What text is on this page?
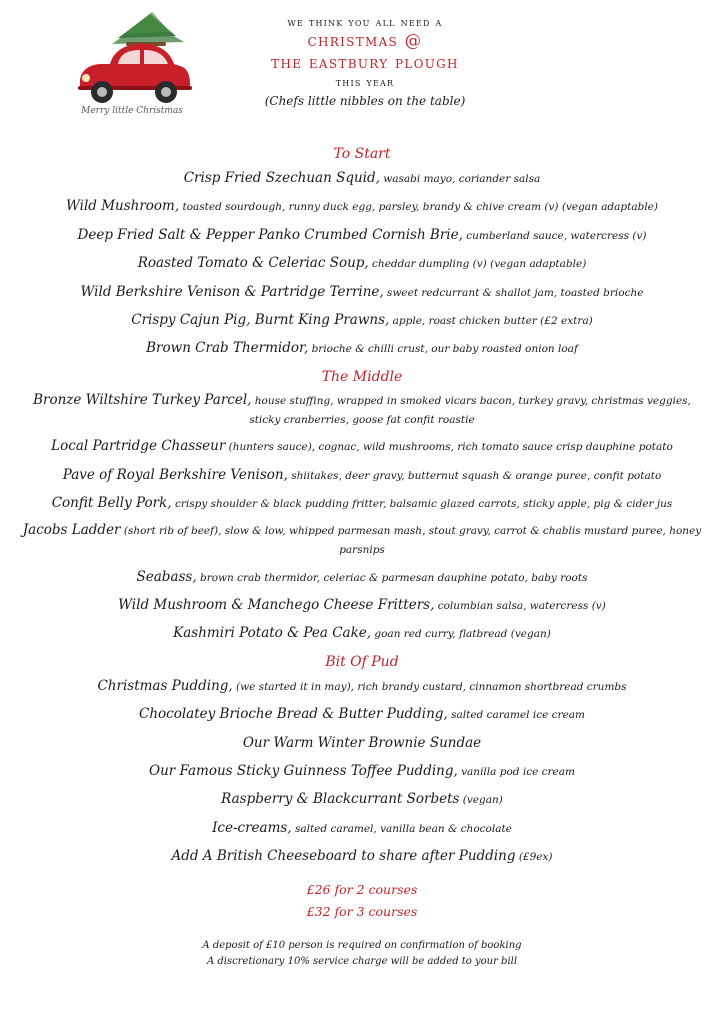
Merry little Christmas
we think you all need a
christmas @
the eastbury plough
this year
(Chefs little nibbles on the table)
To Start
Crisp Fried Szechuan Squid, wasabi mayo, coriander salsa
Wild Mushroom, toasted sourdough, runny duck egg, parsley, brandy & chive cream (v) (vegan adaptable)
Deep Fried Salt & Pepper Panko Crumbed Cornish Brie, cumberland sauce, watercress (v)
Roasted Tomato & Celeriac Soup, cheddar dumpling (v) (vegan adaptable)
Wild Berkshire Venison & Partridge Terrine, sweet redcurrant & shallot jam, toasted brioche
Crispy Cajun Pig, Burnt King Prawns, apple, roast chicken butter (£2 extra)
Brown Crab Thermidor, brioche & chilli crust, our baby roasted onion loaf
The Middle
Bronze Wiltshire Turkey Parcel, house stuffing, wrapped in smoked vicars bacon, turkey gravy, christmas veggies, sticky cranberries, goose fat confit roastie
Local Partridge Chasseur (hunters sauce), cognac, wild mushrooms, rich tomato sauce crisp dauphine potato
Pave of Royal Berkshire Venison, shiitakes, deer gravy, butternut squash & orange puree, confit potato
Confit Belly Pork, crispy shoulder & black pudding fritter, balsamic glazed carrots, sticky apple, pig & cider jus
Jacobs Ladder (short rib of beef), slow & low, whipped parmesan mash, stout gravy, carrot & chablis mustard puree, honey parsnips
Seabass, brown crab thermidor, celeriac & parmesan dauphine potato, baby roots
Wild Mushroom & Manchego Cheese Fritters, columbian salsa, watercress (v)
Kashmiri Potato & Pea Cake, goan red curry, flatbread (vegan)
Bit Of Pud
Christmas Pudding, (we started it in may), rich brandy custard, cinnamon shortbread crumbs
Chocolatey Brioche Bread & Butter Pudding, salted caramel ice cream
Our Warm Winter Brownie Sundae
Our Famous Sticky Guinness Toffee Pudding, vanilla pod ice cream
Raspberry & Blackcurrant Sorbets (vegan)
Ice-creams, salted caramel, vanilla bean & chocolate
Add A British Cheeseboard to share after Pudding (£9ex)
£26 for 2 courses
£32 for 3 courses
A deposit of £10 person is required on confirmation of booking
A discretionary 10% service charge will be added to your bill
